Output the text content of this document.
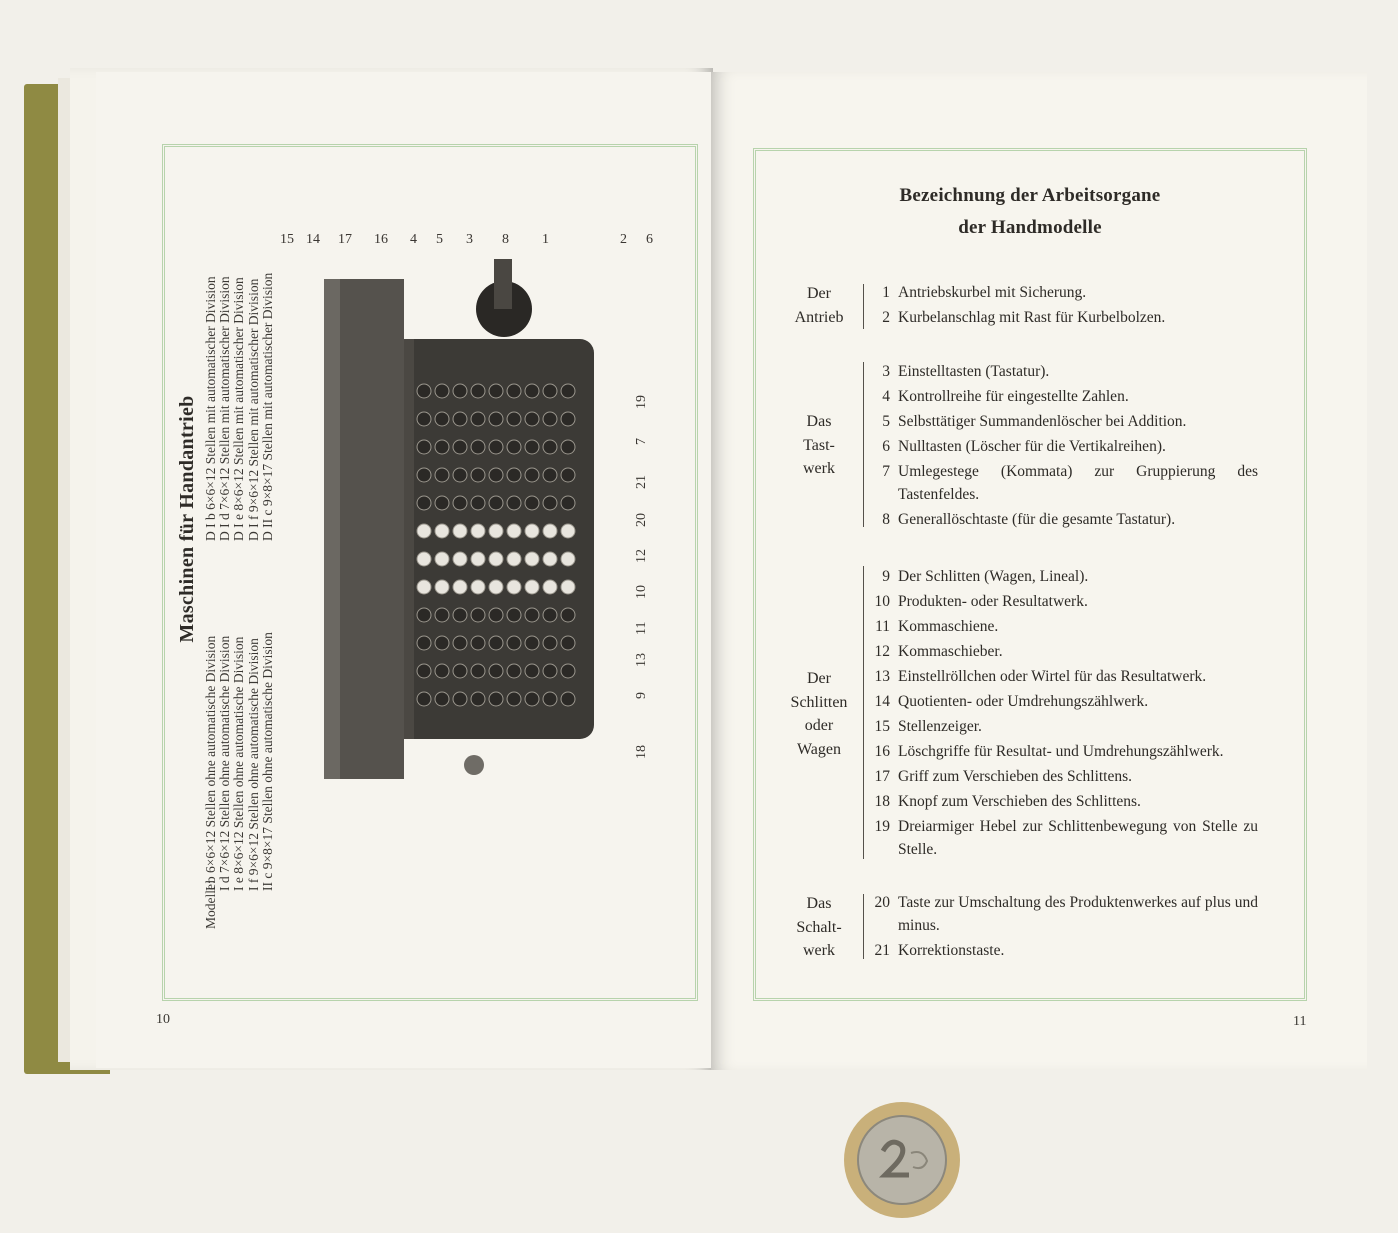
Maschinen für Handantrieb
Modelle:
I b 6×6×12 Stellen ohne automatische Division I d 7×6×12 Stellen ohne automatische Division I e 8×6×12 Stellen ohne automatische Division I f 9×6×12 Stellen ohne automatische Division II c 9×8×17 Stellen ohne automatische Division
D I b 6×6×12 Stellen mit automatischer Division D I d 7×6×12 Stellen mit automatischer Division D I e 8×6×12 Stellen mit automatischer Division D I f 9×6×12 Stellen mit automatischer Division D II c 9×8×17 Stellen mit automatischer Division
18
9
13
11
10
12
20
21
7
19
15 14 17 16 4 5 3 8 1	2 6
10
Bezeichnung der Arbeitsorgane
der Handmodelle
Der
Antrieb
1 Antriebskurbel mit Sicherung.
2 Kurbelanschlag mit Rast für Kurbelbolzen.
Das
Tast-
werk
3 Einstelltasten (Tastatur).
4 Kontrollreihe für eingestellte Zahlen.
5 Selbsttätiger Summandenlöscher bei Addition.
6 Nulltasten (Löscher für die Vertikalreihen).
7 Umlegestege (Kommata) zur Gruppierung des Tastenfeldes.
8 Generallöschtaste (für die gesamte Tastatur).
Der
Schlitten
oder
Wagen
9 Der Schlitten (Wagen, Lineal).
10 Produkten- oder Resultatwerk.
11 Kommaschiene.
12 Kommaschieber.
13 Einstellröllchen oder Wirtel für das Resultatwerk.
14 Quotienten- oder Umdrehungszählwerk.
15 Stellenzeiger.
16 Löschgriffe für Resultat- und Umdrehungszählwerk.
17 Griff zum Verschieben des Schlittens.
18 Knopf zum Verschieben des Schlittens.
19 Dreiarmiger Hebel zur Schlittenbewegung von Stelle zu Stelle.
Das
Schalt-
werk
20 Taste zur Umschaltung des Produktenwerkes auf plus und minus.
21 Korrektionstaste.
11
